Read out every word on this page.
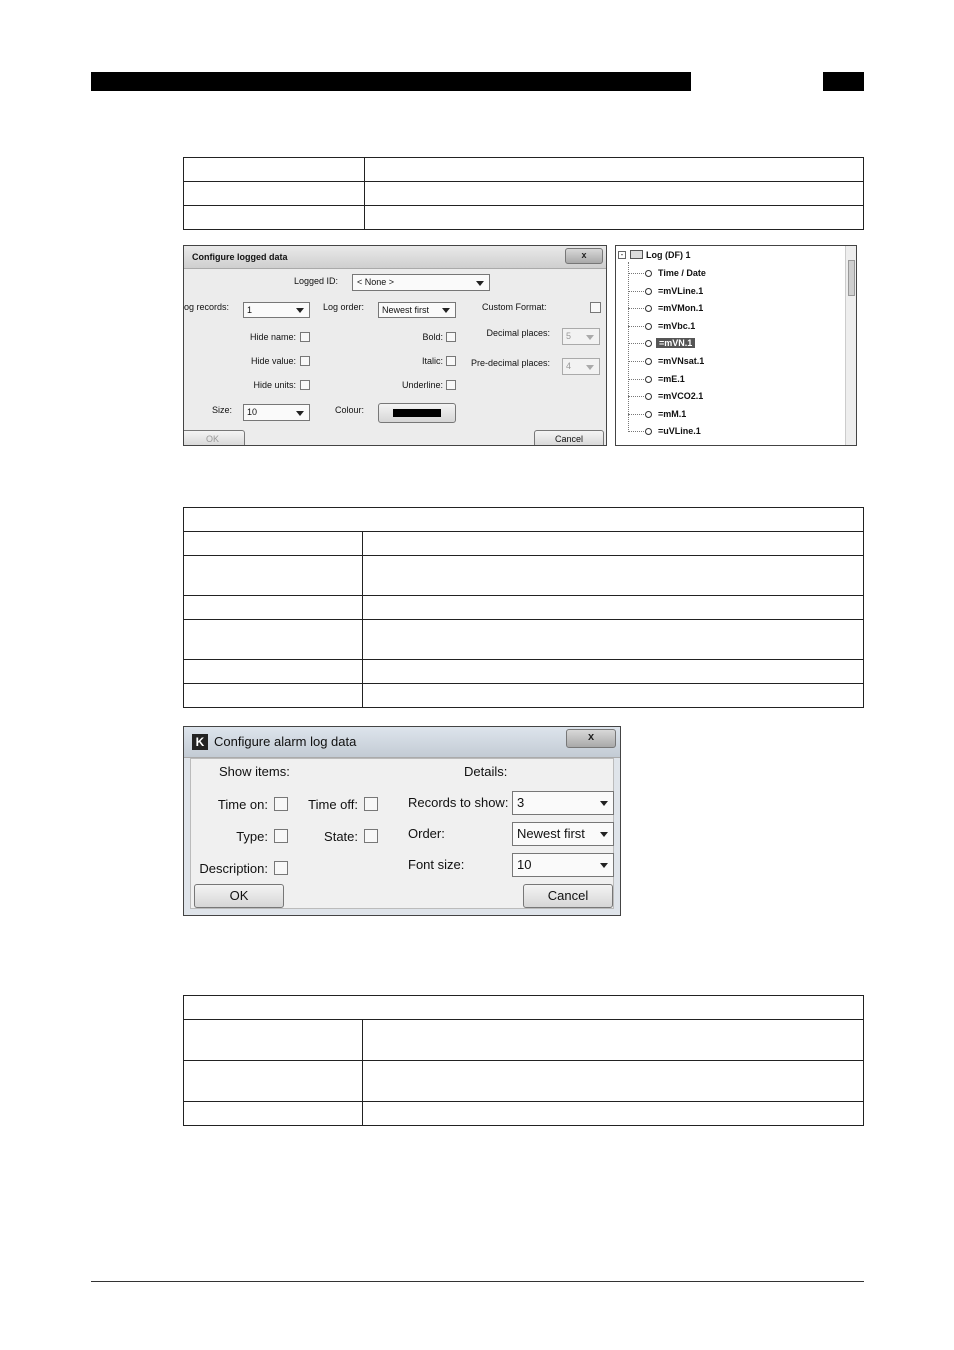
Configure logged data	x
Logged ID:	< None >
og records:	1	Log order:	Newest first	Custom Format:
Hide name:
Hide value:
Hide units:
Bold:
Italic:
Underline:
Decimal places:	5
Pre-decimal places:	4
Size:	10	Colour:
OK	Cancel
-	Log (DF) 1
Time / Date
=mVLine.1
=mVMon.1
=mVbc.1
=mVN.1
=mVNsat.1
=mE.1
=mVCO2.1
=mM.1
=uVLine.1

K Configure alarm log data	x
Show items:	Details:
Time on:	Time off:
Type:	State:
Description:
Records to show: 3
Order:	Newest first
Font size:	10
OK	Cancel
